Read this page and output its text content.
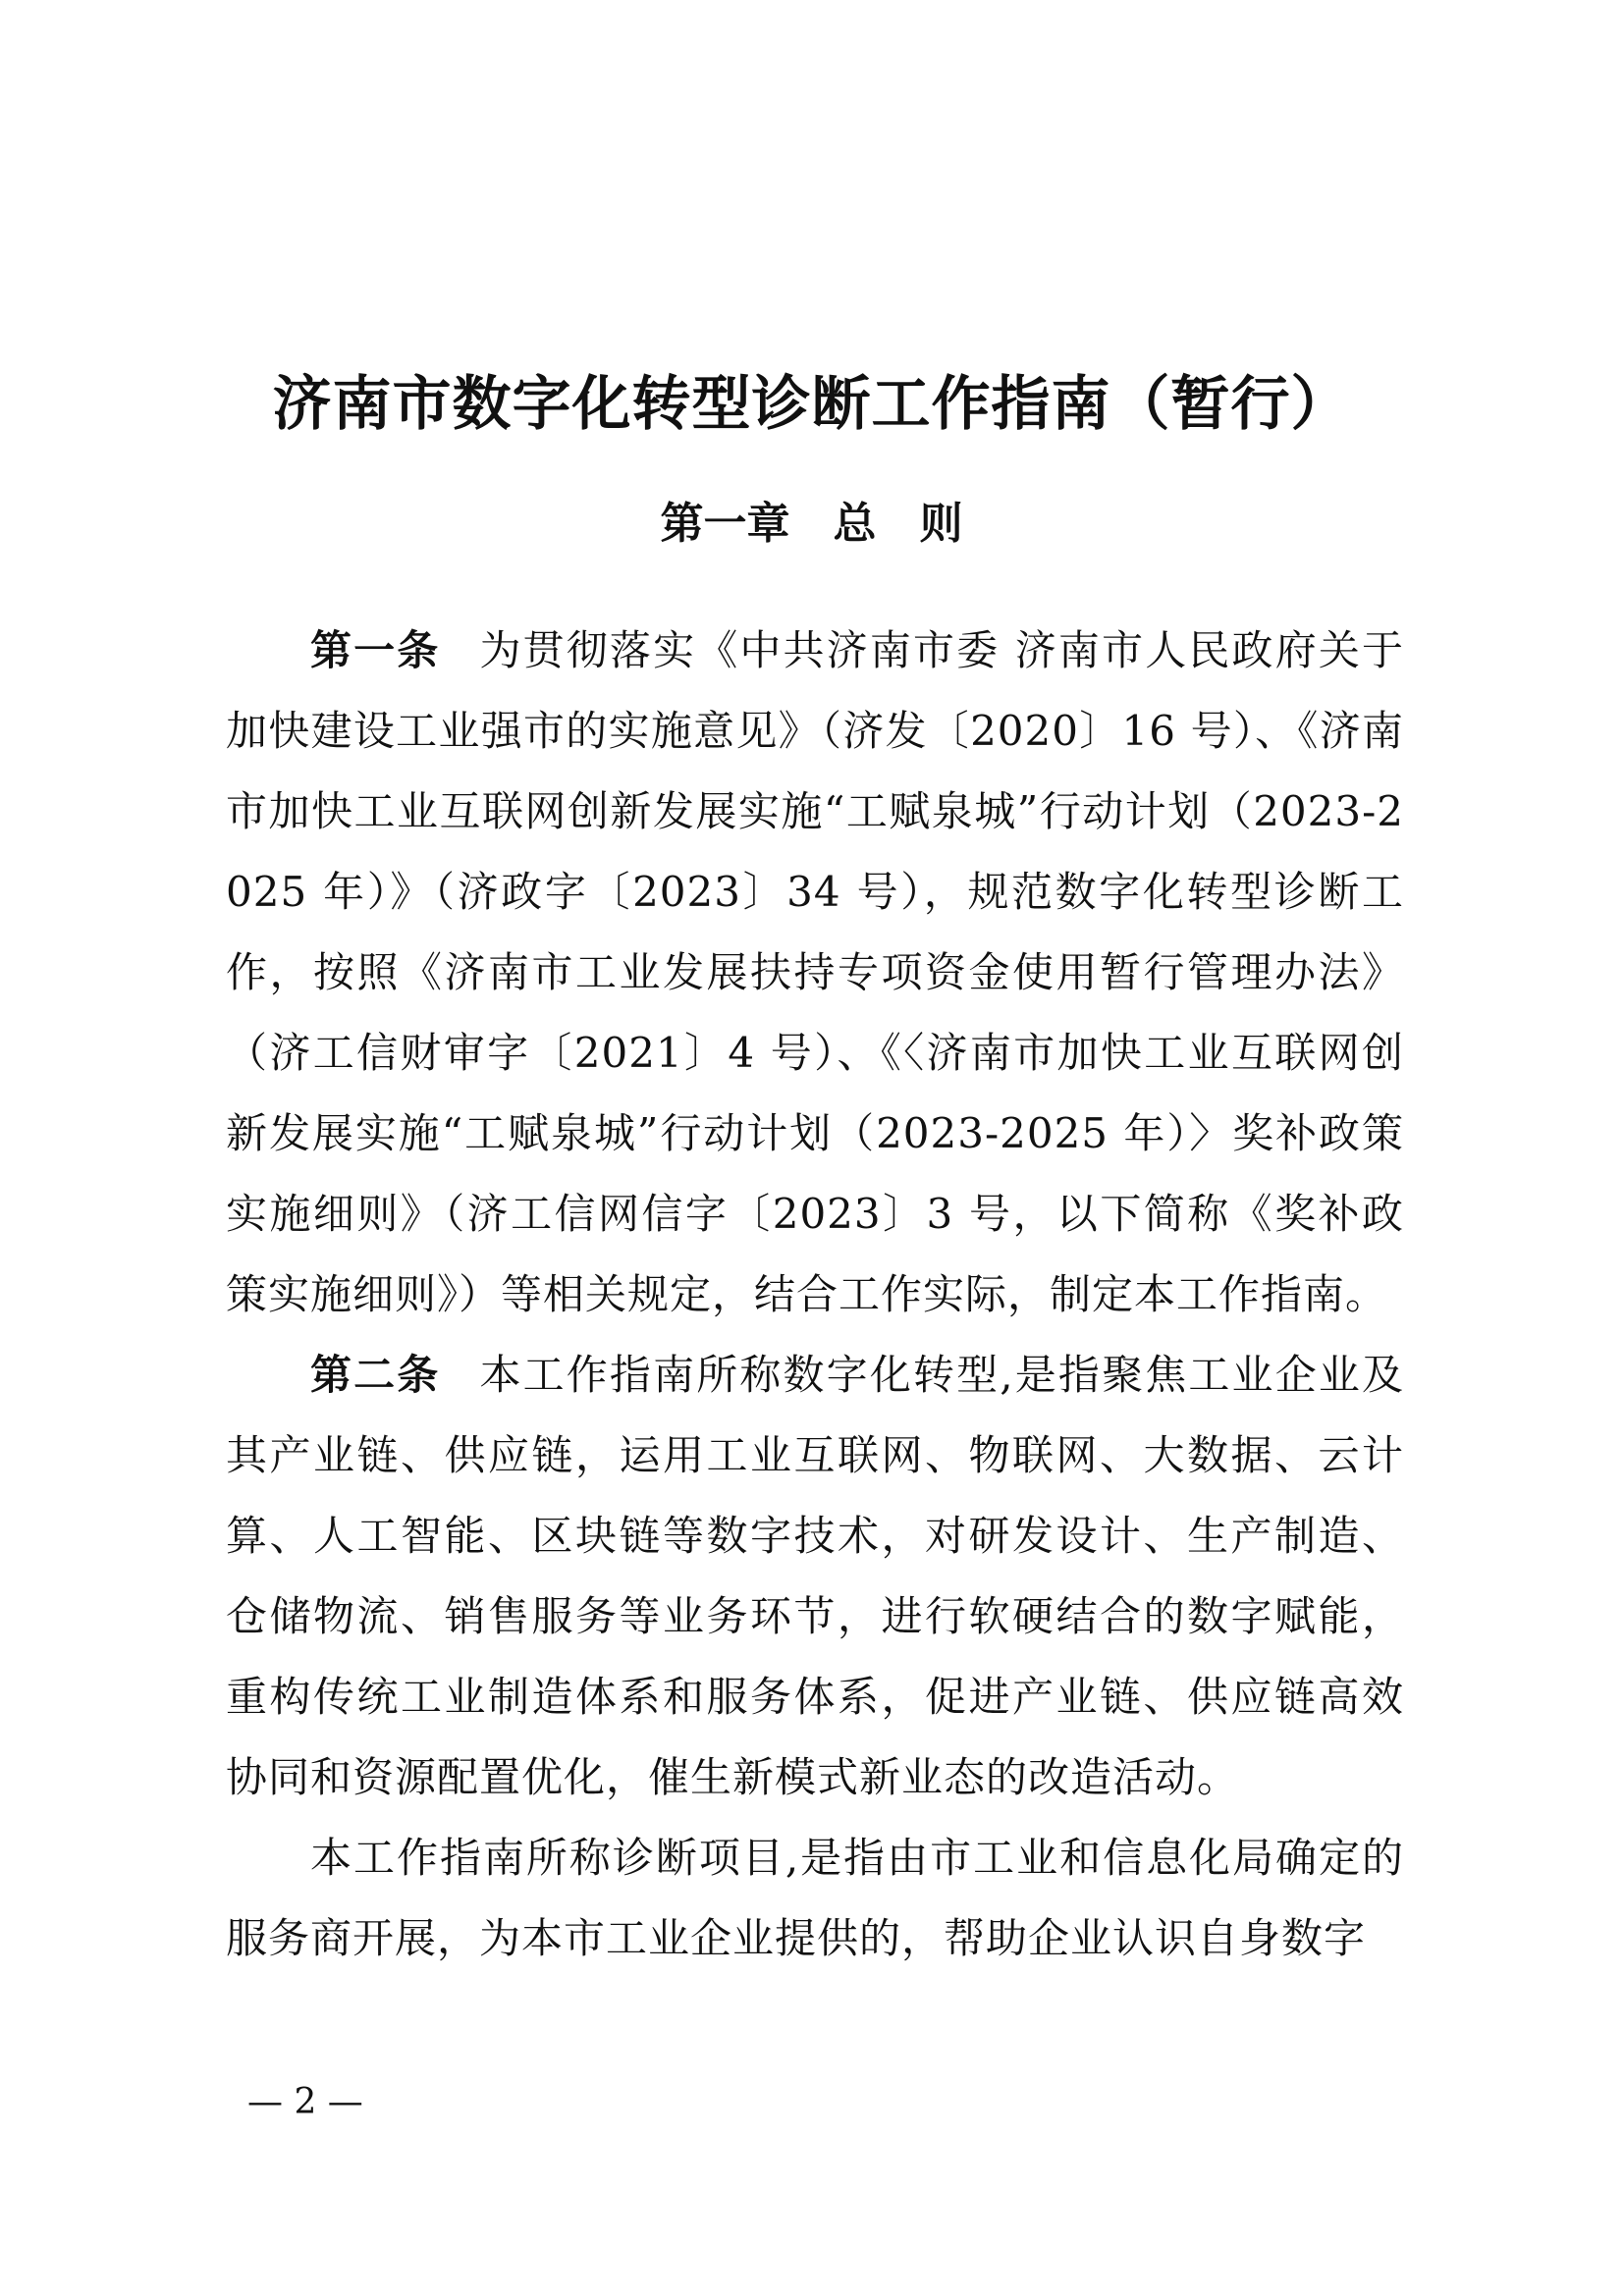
济南市数字化转型诊断工作指南（暂行）
第一章　总　则

第一条 为贯彻落实《中共济南市委 济南市人民政府关于加快建设工业强市的实施意见》（济发〔2020〕16 号）、《济南市加快工业互联网创新发展实施“工赋泉城”行动计划（2023-2025 年）》（济政字〔2023〕34 号），规范数字化转型诊断工作，按照《济南市工业发展扶持专项资金使用暂行管理办法》（济工信财审字〔2021〕4 号）、《〈济南市加快工业互联网创新发展实施“工赋泉城”行动计划（2023-2025 年）〉奖补政策实施细则》（济工信网信字〔2023〕3 号，以下简称《奖补政策实施细则》）等相关规定，结合工作实际，制定本工作指南。

第二条 本工作指南所称数字化转型,是指聚焦工业企业及其产业链、供应链，运用工业互联网、物联网、大数据、云计算、人工智能、区块链等数字技术，对研发设计、生产制造、仓储物流、销售服务等业务环节，进行软硬结合的数字赋能，重构传统工业制造体系和服务体系，促进产业链、供应链高效协同和资源配置优化，催生新模式新业态的改造活动。

本工作指南所称诊断项目,是指由市工业和信息化局确定的服务商开展，为本市工业企业提供的，帮助企业认识自身数字

— 2 —
